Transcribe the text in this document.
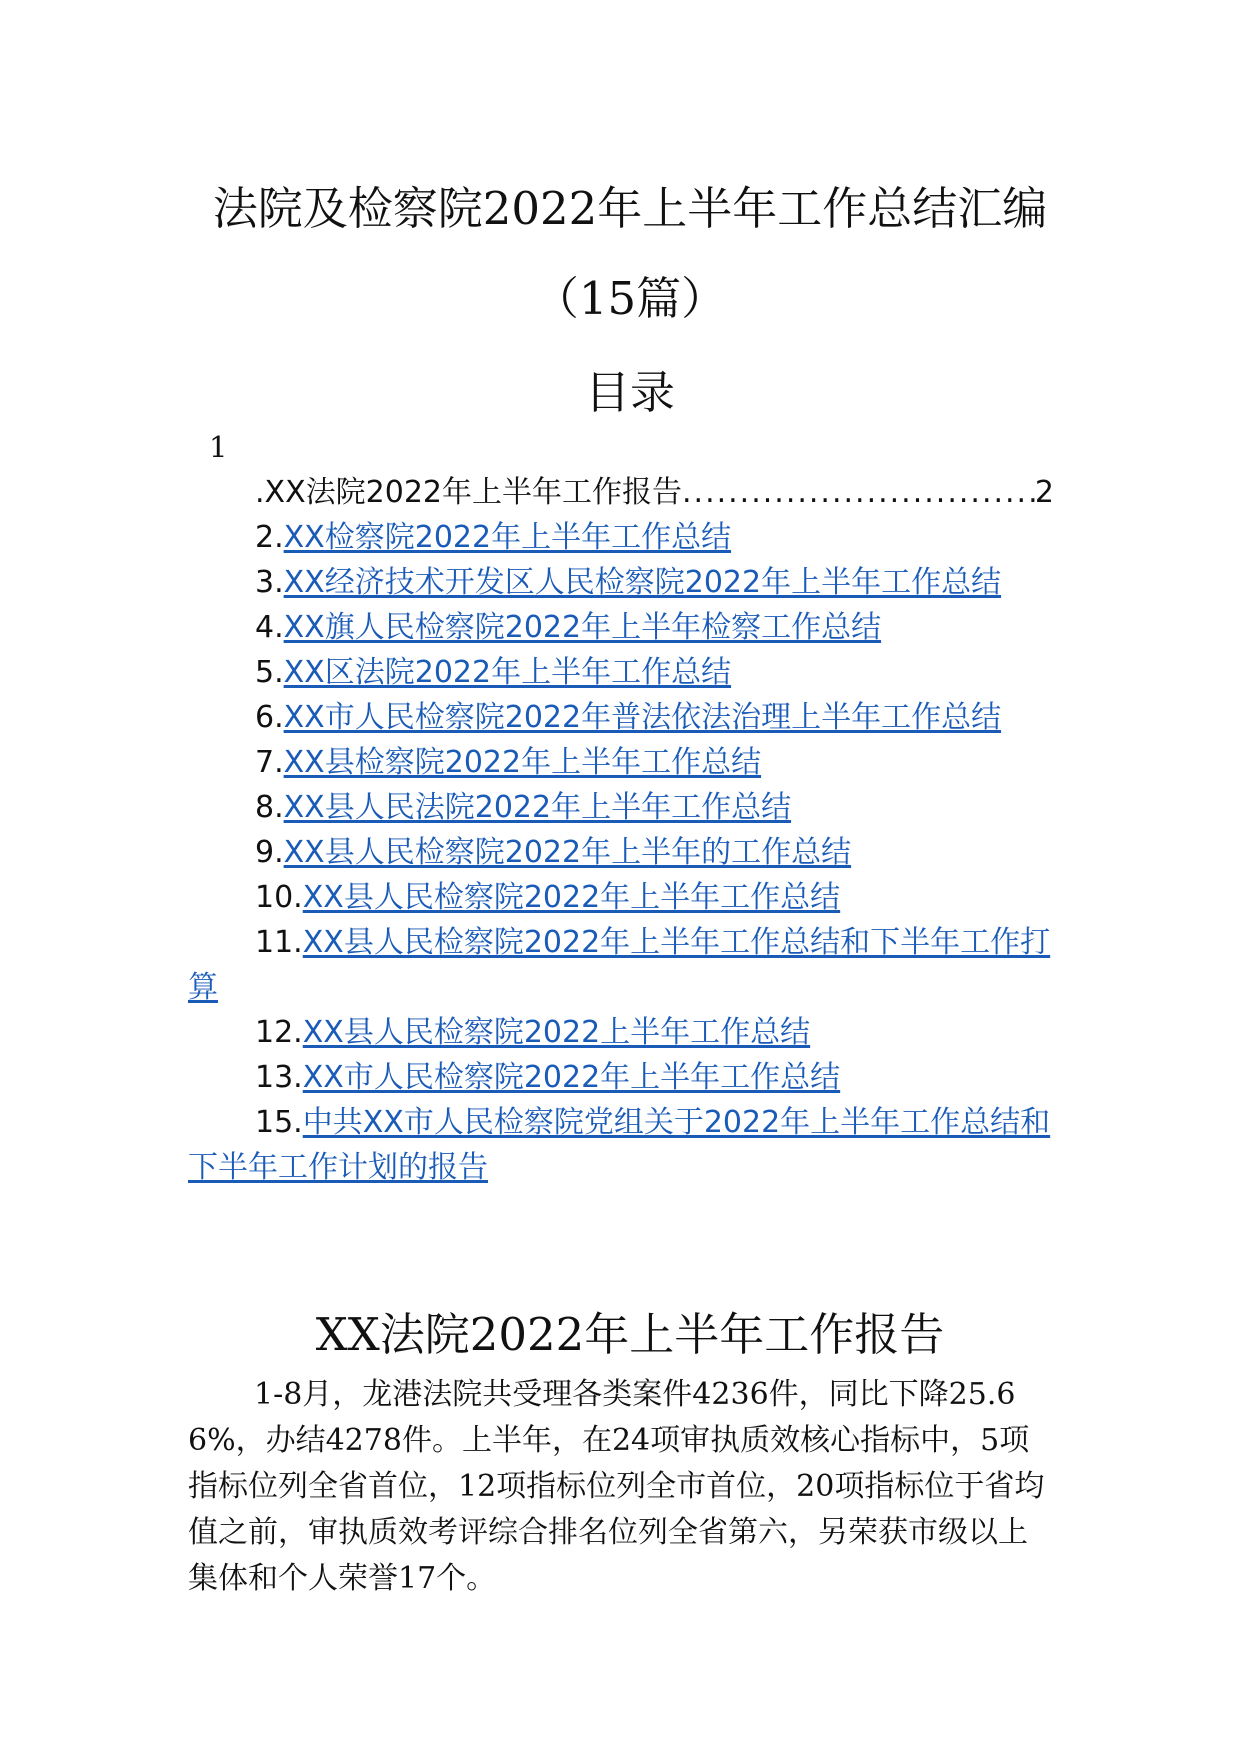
法院及检察院2022年上半年工作总结汇编
（15篇）
目录
1
.XX法院2022年上半年工作报告
.....	2
2.XX检察院2022年上半年工作总结
3.XX经济技术开发区人民检察院2022年上半年工作总结
4.XX旗人民检察院2022年上半年检察工作总结
5.XX区法院2022年上半年工作总结
6.XX市人民检察院2022年普法依法治理上半年工作总结
7.XX县检察院2022年上半年工作总结
8.XX县人民法院2022年上半年工作总结
9.XX县人民检察院2022年上半年的工作总结
10.XX县人民检察院2022年上半年工作总结
11.XX县人民检察院2022年上半年工作总结和下半年工作打算
12.XX县人民检察院2022上半年工作总结
13.XX市人民检察院2022年上半年工作总结
15.中共XX市人民检察院党组关于2022年上半年工作总结和下半年工作计划的报告
XX法院2022年上半年工作报告

1-8月，龙港法院共受理各类案件4236件，同比下降25.66%，办结4278件。上半年，在24项审执质效核心指标中，5项指标位列全省首位，12项指标位列全市首位，20项指标位于省均值之前，审执质效考评综合排名位列全省第六，另荣获市级以上集体和个人荣誉17个。
